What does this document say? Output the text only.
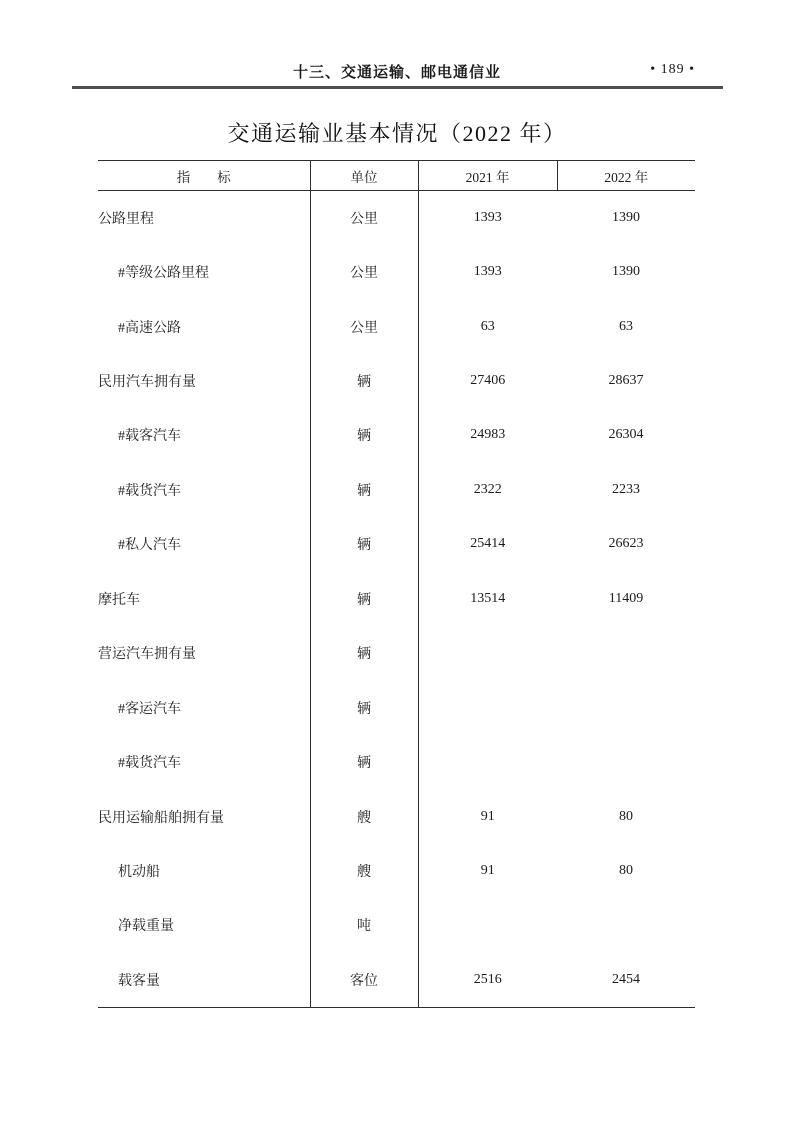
十三、交通运输、邮电通信业	• 189 •
交通运输业基本情况（2022 年）
指　　标	单位	2021 年	2022 年
公路里程	公里	1393	1390
#等级公路里程	公里	1393	1390
#高速公路	公里	63	63
民用汽车拥有量	辆	27406	28637
#载客汽车	辆	24983	26304
#载货汽车	辆	2322	2233
#私人汽车	辆	25414	26623
摩托车	辆	13514	11409
营运汽车拥有量	辆		
#客运汽车	辆		
#载货汽车	辆		
民用运输船舶拥有量	艘	91	80
机动船	艘	91	80
净载重量	吨		
载客量	客位	2516	2454
